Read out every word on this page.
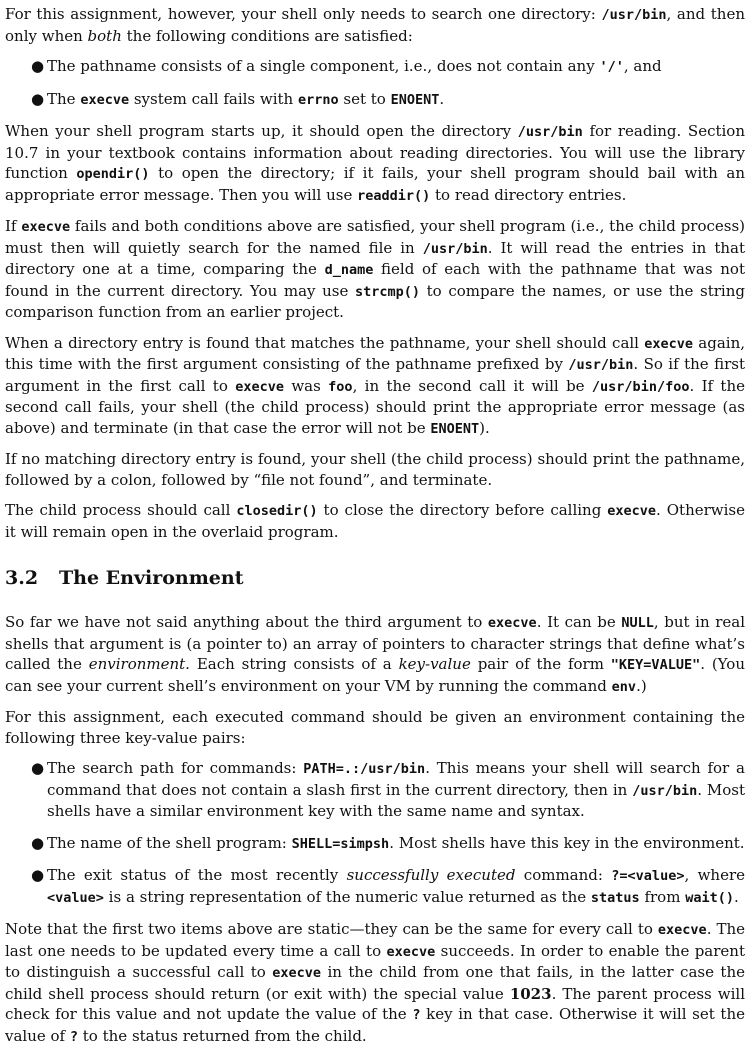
For this assignment, however, your shell only needs to search one directory: /usr/bin, and then only when both the following conditions are satisfied:

● The pathname consists of a single component, i.e., does not contain any '/', and
● The execve system call fails with errno set to ENOENT.

When your shell program starts up, it should open the directory /usr/bin for reading. Section 10.7 in your textbook contains information about reading directories. You will use the library function opendir() to open the directory; if it fails, your shell program should bail with an appropriate error message. Then you will use readdir() to read directory entries.

If execve fails and both conditions above are satisfied, your shell program (i.e., the child process) must then will quietly search for the named file in /usr/bin. It will read the entries in that directory one at a time, comparing the d_name field of each with the pathname that was not found in the current directory. You may use strcmp() to compare the names, or use the string comparison function from an earlier project.

When a directory entry is found that matches the pathname, your shell should call execve again, this time with the first argument consisting of the pathname prefixed by /usr/bin. So if the first argument in the first call to execve was foo, in the second call it will be /usr/bin/foo. If the second call fails, your shell (the child process) should print the appropriate error message (as above) and terminate (in that case the error will not be ENOENT).

If no matching directory entry is found, your shell (the child process) should print the pathname, followed by a colon, followed by “file not found”, and terminate.

The child process should call closedir() to close the directory before calling execve. Otherwise it will remain open in the overlaid program.

3.2 The Environment

So far we have not said anything about the third argument to execve. It can be NULL, but in real shells that argument is (a pointer to) an array of pointers to character strings that define what’s called the environment. Each string consists of a key-value pair of the form "KEY=VALUE". (You can see your current shell’s environment on your VM by running the command env.)

For this assignment, each executed command should be given an environment containing the following three key-value pairs:

● The search path for commands: PATH=.:/usr/bin. This means your shell will search for a command that does not contain a slash first in the current directory, then in /usr/bin. Most shells have a similar environment key with the same name and syntax.
● The name of the shell program: SHELL=simpsh. Most shells have this key in the environment.
● The exit status of the most recently successfully executed command: ?=<value>, where <value> is a string representation of the numeric value returned as the status from wait().

Note that the first two items above are static—they can be the same for every call to execve. The last one needs to be updated every time a call to execve succeeds. In order to enable the parent to distinguish a successful call to execve in the child from one that fails, in the latter case the child shell process should return (or exit with) the special value 1023. The parent process will check for this value and not update the value of the ? key in that case. Otherwise it will set the value of ? to the status returned from the child.
